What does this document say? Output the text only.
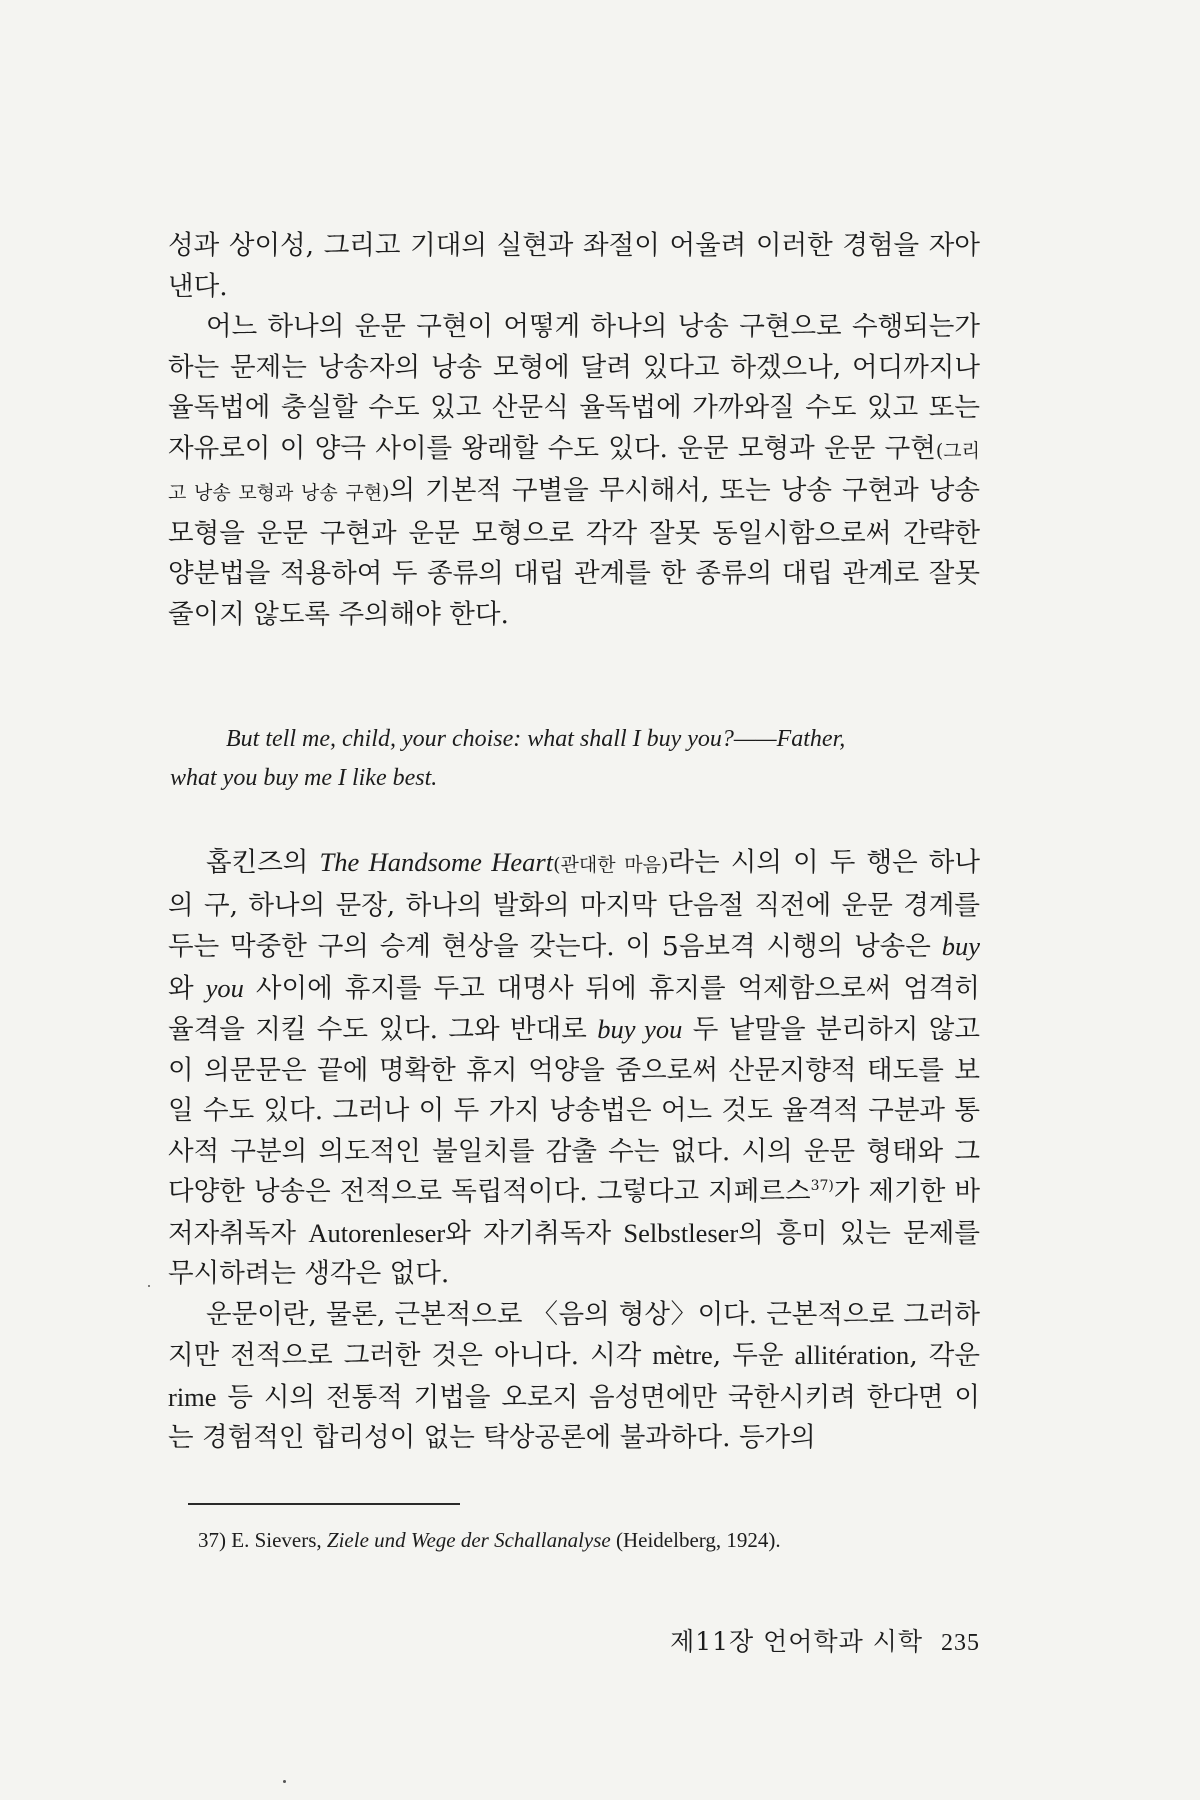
성과 상이성, 그리고 기대의 실현과 좌절이 어울려 이러한 경험을 자아낸다.

어느 하나의 운문 구현이 어떻게 하나의 낭송 구현으로 수행되는가 하는 문제는 낭송자의 낭송 모형에 달려 있다고 하겠으나, 어디까지나 율독법에 충실할 수도 있고 산문식 율독법에 가까와질 수도 있고 또는 자유로이 이 양극 사이를 왕래할 수도 있다. 운문 모형과 운문 구현(그리고 낭송 모형과 낭송 구현)의 기본적 구별을 무시해서, 또는 낭송 구현과 낭송 모형을 운문 구현과 운문 모형으로 각각 잘못 동일시함으로써 간략한 양분법을 적용하여 두 종류의 대립 관계를 한 종류의 대립 관계로 잘못 줄이지 않도록 주의해야 한다.

But tell me, child, your choise: what shall I buy you?——Father,

what you buy me I like best.

홉킨즈의 The Handsome Heart(관대한 마음)라는 시의 이 두 행은 하나의 구, 하나의 문장, 하나의 발화의 마지막 단음절 직전에 운문 경계를 두는 막중한 구의 승계 현상을 갖는다. 이 5음보격 시행의 낭송은 buy와 you 사이에 휴지를 두고 대명사 뒤에 휴지를 억제함으로써 엄격히 율격을 지킬 수도 있다. 그와 반대로 buy you 두 낱말을 분리하지 않고 이 의문문은 끝에 명확한 휴지 억양을 줌으로써 산문지향적 태도를 보일 수도 있다. 그러나 이 두 가지 낭송법은 어느 것도 율격적 구분과 통사적 구분의 의도적인 불일치를 감출 수는 없다. 시의 운문 형태와 그 다양한 낭송은 전적으로 독립적이다. 그렇다고 지페르스$^{37)}$가 제기한 바 저자취독자 Autorenleser와 자기취독자 Selbstleser의 흥미 있는 문제를 무시하려는 생각은 없다.

운문이란, 물론, 근본적으로 〈음의 형상〉이다. 근본적으로 그러하지만 전적으로 그러한 것은 아니다. 시각 mètre, 두운 allitération, 각운 rime 등 시의 전통적 기법을 오로지 음성면에만 국한시키려 한다면 이는 경험적인 합리성이 없는 탁상공론에 불과하다. 등가의

37) E. Sievers, Ziele und Wege der Schallanalyse (Heidelberg, 1924).
제11장 언어학과 시학 235
